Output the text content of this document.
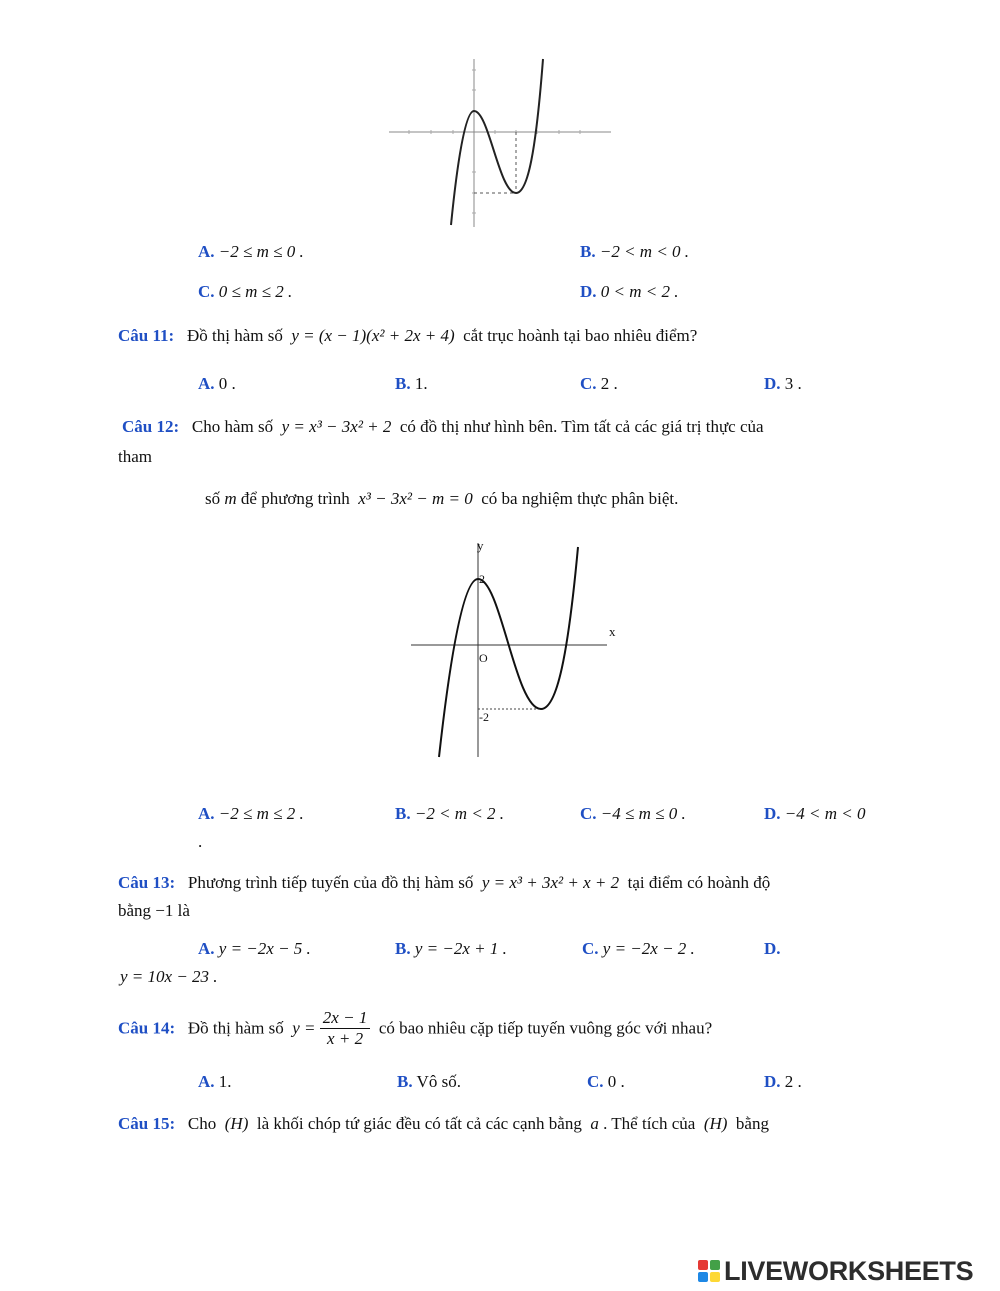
A. −2 ≤ m ≤ 0 .	B. −2 < m < 0 .
C. 0 ≤ m ≤ 2 .	D. 0 < m < 2 .
Câu 11: Đồ thị hàm số y = (x − 1)(x² + 2x + 4) cắt trục hoành tại bao nhiêu điểm?
A. 0 .	B. 1.	C. 2 .	D. 3 .
Câu 12: Cho hàm số y = x³ − 3x² + 2 có đồ thị như hình bên. Tìm tất cả các giá trị thực của
tham
số m để phương trình x³ − 3x² − m = 0 có ba nghiệm thực phân biệt.
y
x
O
2
-2
A. −2 ≤ m ≤ 2 .	B. −2 < m < 2 .	C. −4 ≤ m ≤ 0 .	D. −4 < m < 0
.
Câu 13: Phương trình tiếp tuyến của đồ thị hàm số y = x³ + 3x² + x + 2 tại điểm có hoành độ
bằng −1 là
A. y = −2x − 5 .	B. y = −2x + 1 .	C. y = −2x − 2 .	D.
y = 10x − 23 .
Câu 14: Đồ thị hàm số $y = \frac{2x - 1}{x + 2}$ có bao nhiêu cặp tiếp tuyến vuông góc với nhau?
A. 1.	B. Vô số.	C. 0 .	D. 2 .
Câu 15: Cho (H) là khối chóp tứ giác đều có tất cả các cạnh bằng a . Thể tích của (H) bằng
LIVEWORKSHEETS
